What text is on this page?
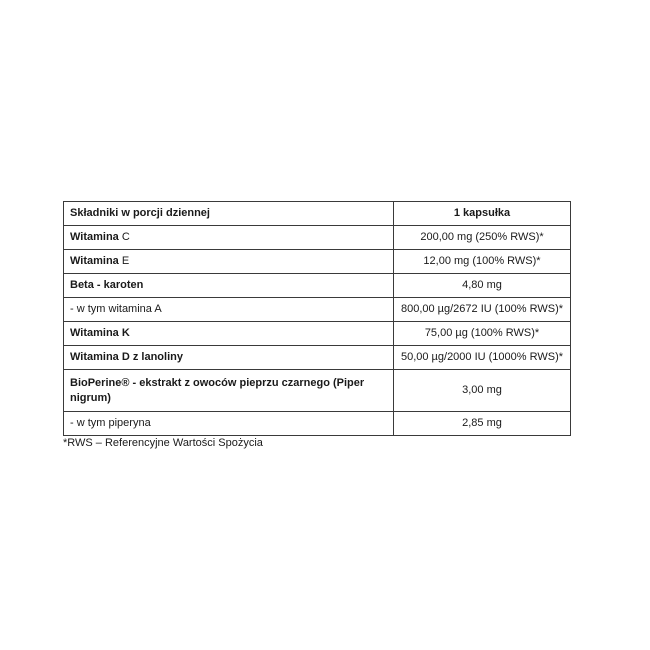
Składniki w porcji dziennej	1 kapsułka
Witamina C	200,00 mg (250% RWS)*
Witamina E	12,00 mg (100% RWS)*
Beta - karoten	4,80 mg
- w tym witamina A	800,00 µg/2672 IU (100% RWS)*
Witamina K	75,00 µg (100% RWS)*
Witamina D z lanoliny	50,00 µg/2000 IU (1000% RWS)*
BioPerine® - ekstrakt z owoców pieprzu czarnego (Piper nigrum)	3,00 mg
- w tym piperyna	2,85 mg
*RWS – Referencyjne Wartości Spożycia
